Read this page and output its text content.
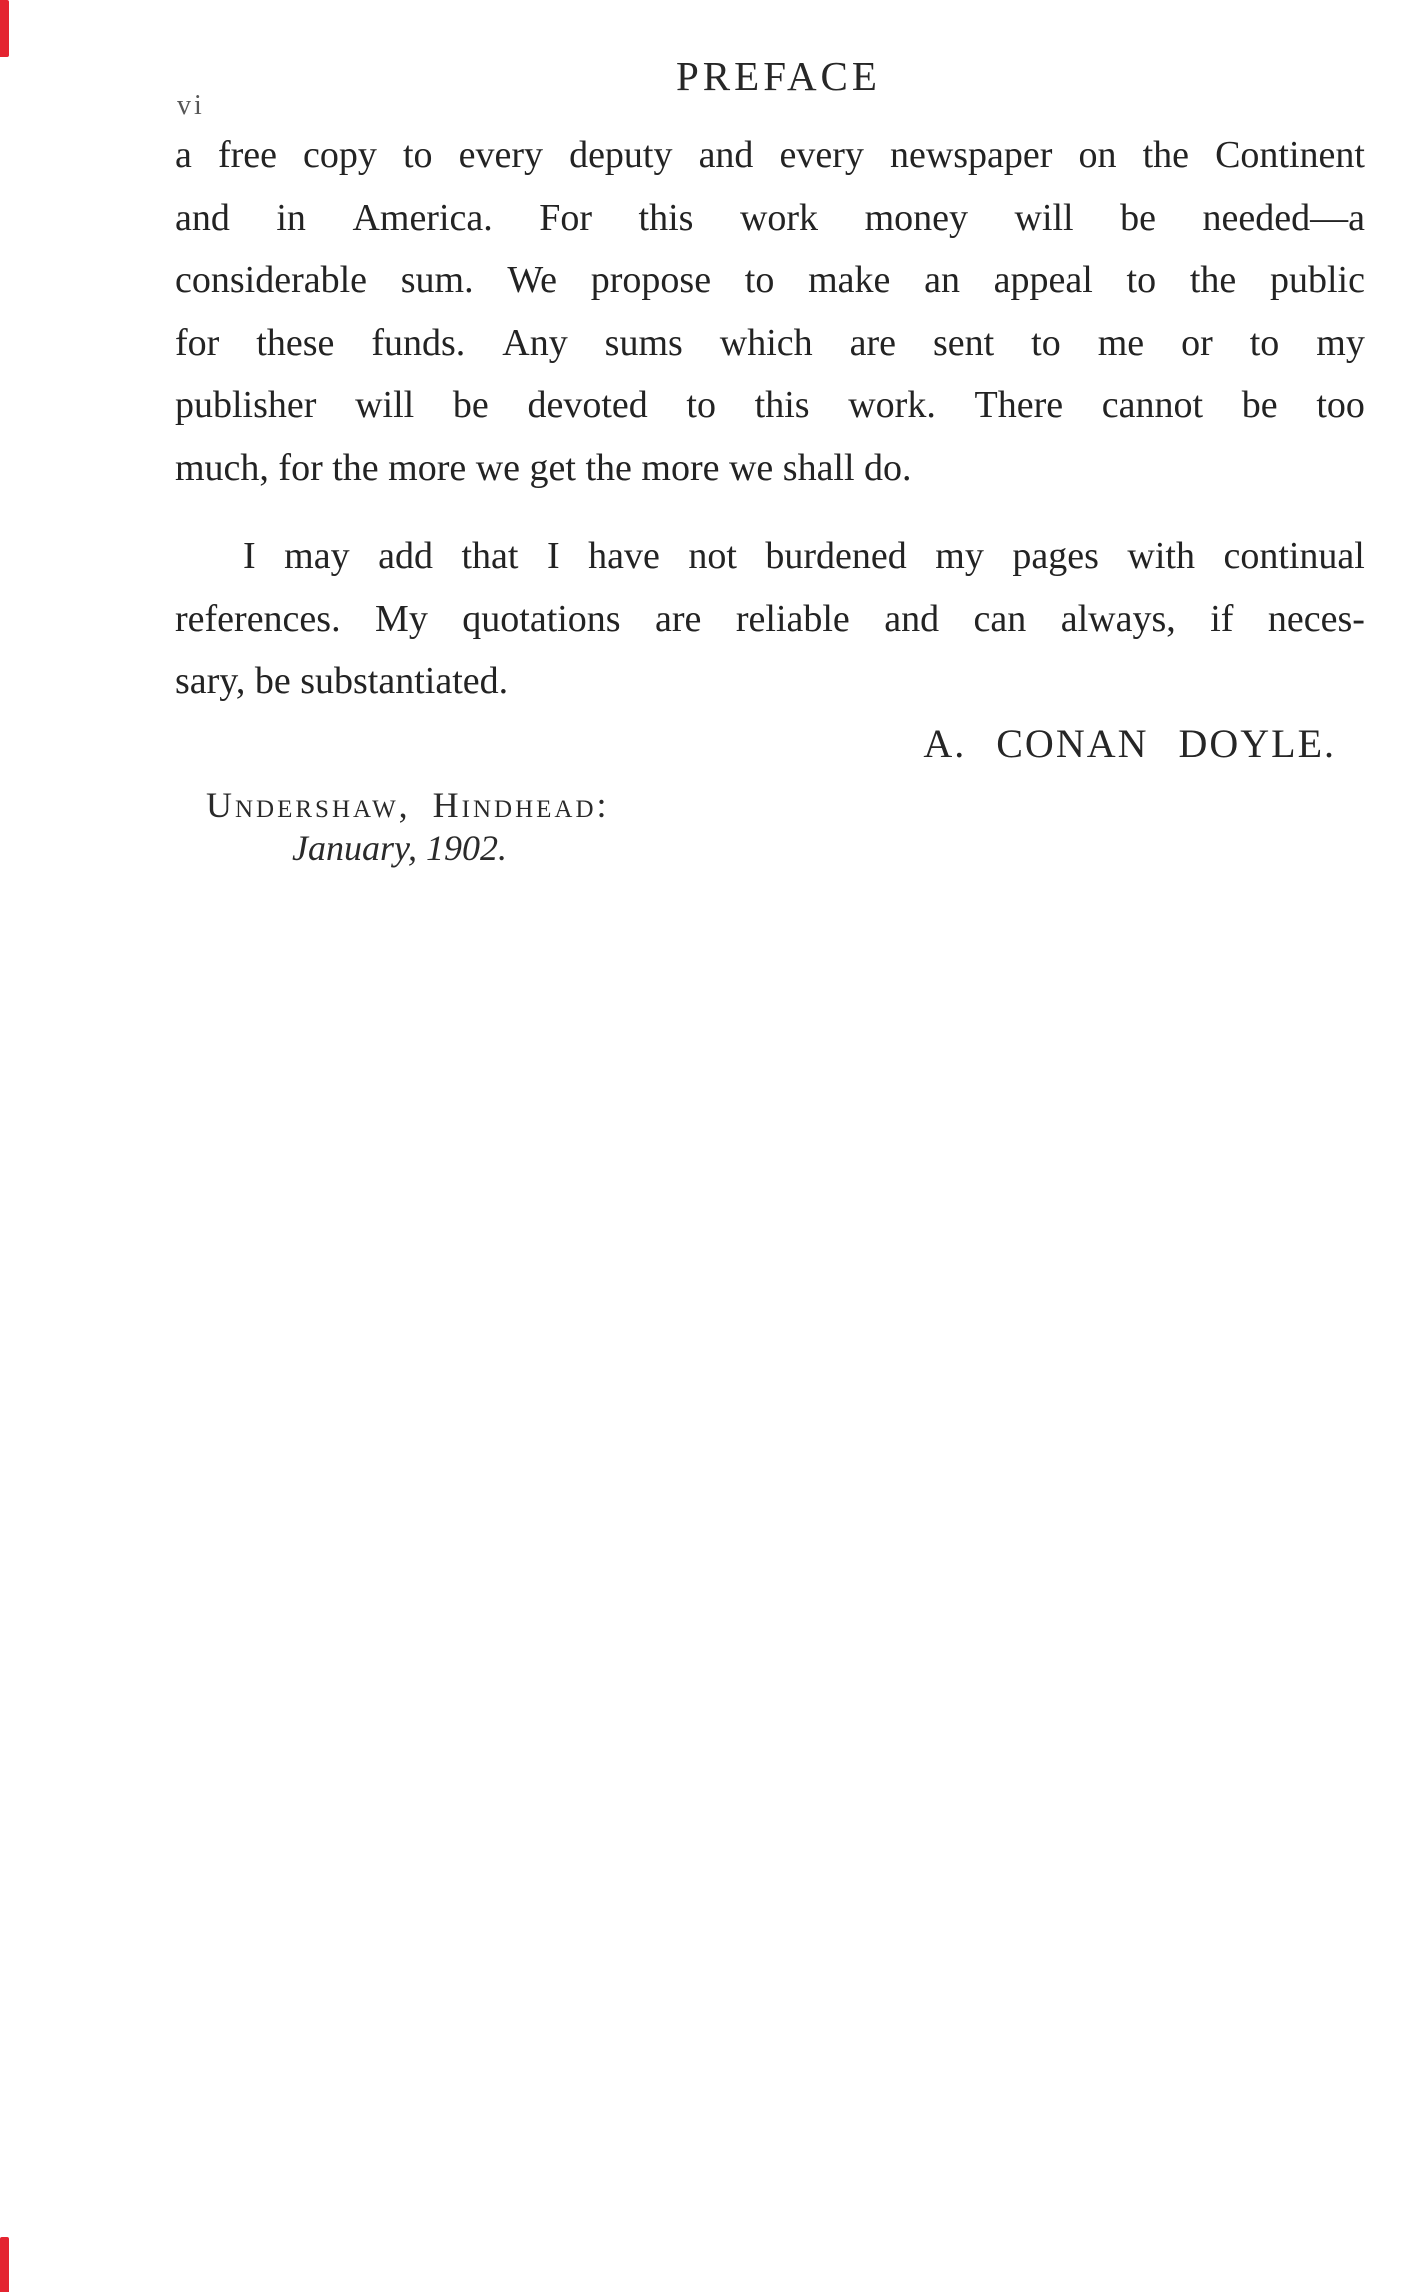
vi
PREFACE
a free copy to every deputy and every newspaper on the Continent
and in America. For this work money will be needed—a
considerable sum. We propose to make an appeal to the public
for these funds. Any sums which are sent to me or to my
publisher will be devoted to this work. There cannot be too
much, for the more we get the more we shall do.
I may add that I have not burdened my pages with continual
references. My quotations are reliable and can always, if neces-
sary, be substantiated.
A. CONAN DOYLE.
Undershaw, Hindhead:
January, 1902.
